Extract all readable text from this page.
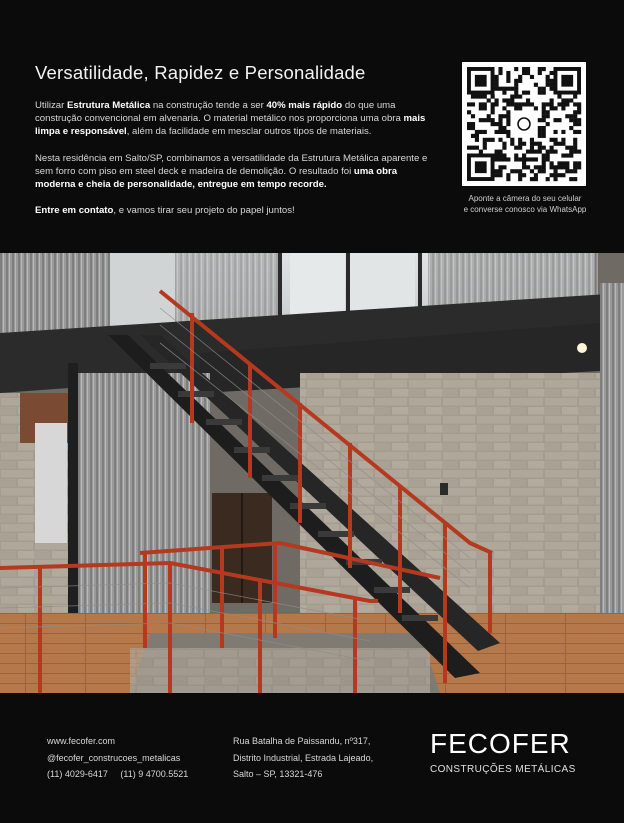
Versatilidade, Rapidez e Personalidade

Utilizar Estrutura Metálica na construção tende a ser 40% mais rápido do que uma construção convencional em alvenaria. O material metálico nos proporciona uma obra mais limpa e responsável, além da facilidade em mesclar outros tipos de materiais.

Nesta residência em Salto/SP, combinamos a versatilidade da Estrutura Metálica aparente e sem forro com piso em steel deck e madeira de demolição. O resultado foi uma obra moderna e cheia de personalidade, entregue em tempo recorde.

Entre em contato, e vamos tirar seu projeto do papel juntos!

Aponte a câmera do seu celular
e converse conosco via WhatsApp
www.fecofer.com
@fecofer_construcoes_metalicas
(11) 4029-6417 (11) 9 4700.5521
Rua Batalha de Paissandu, nº317,
Distrito Industrial, Estrada Lajeado,
Salto – SP, 13321-476
FECOFER
CONSTRUÇÕES METÁLICAS
